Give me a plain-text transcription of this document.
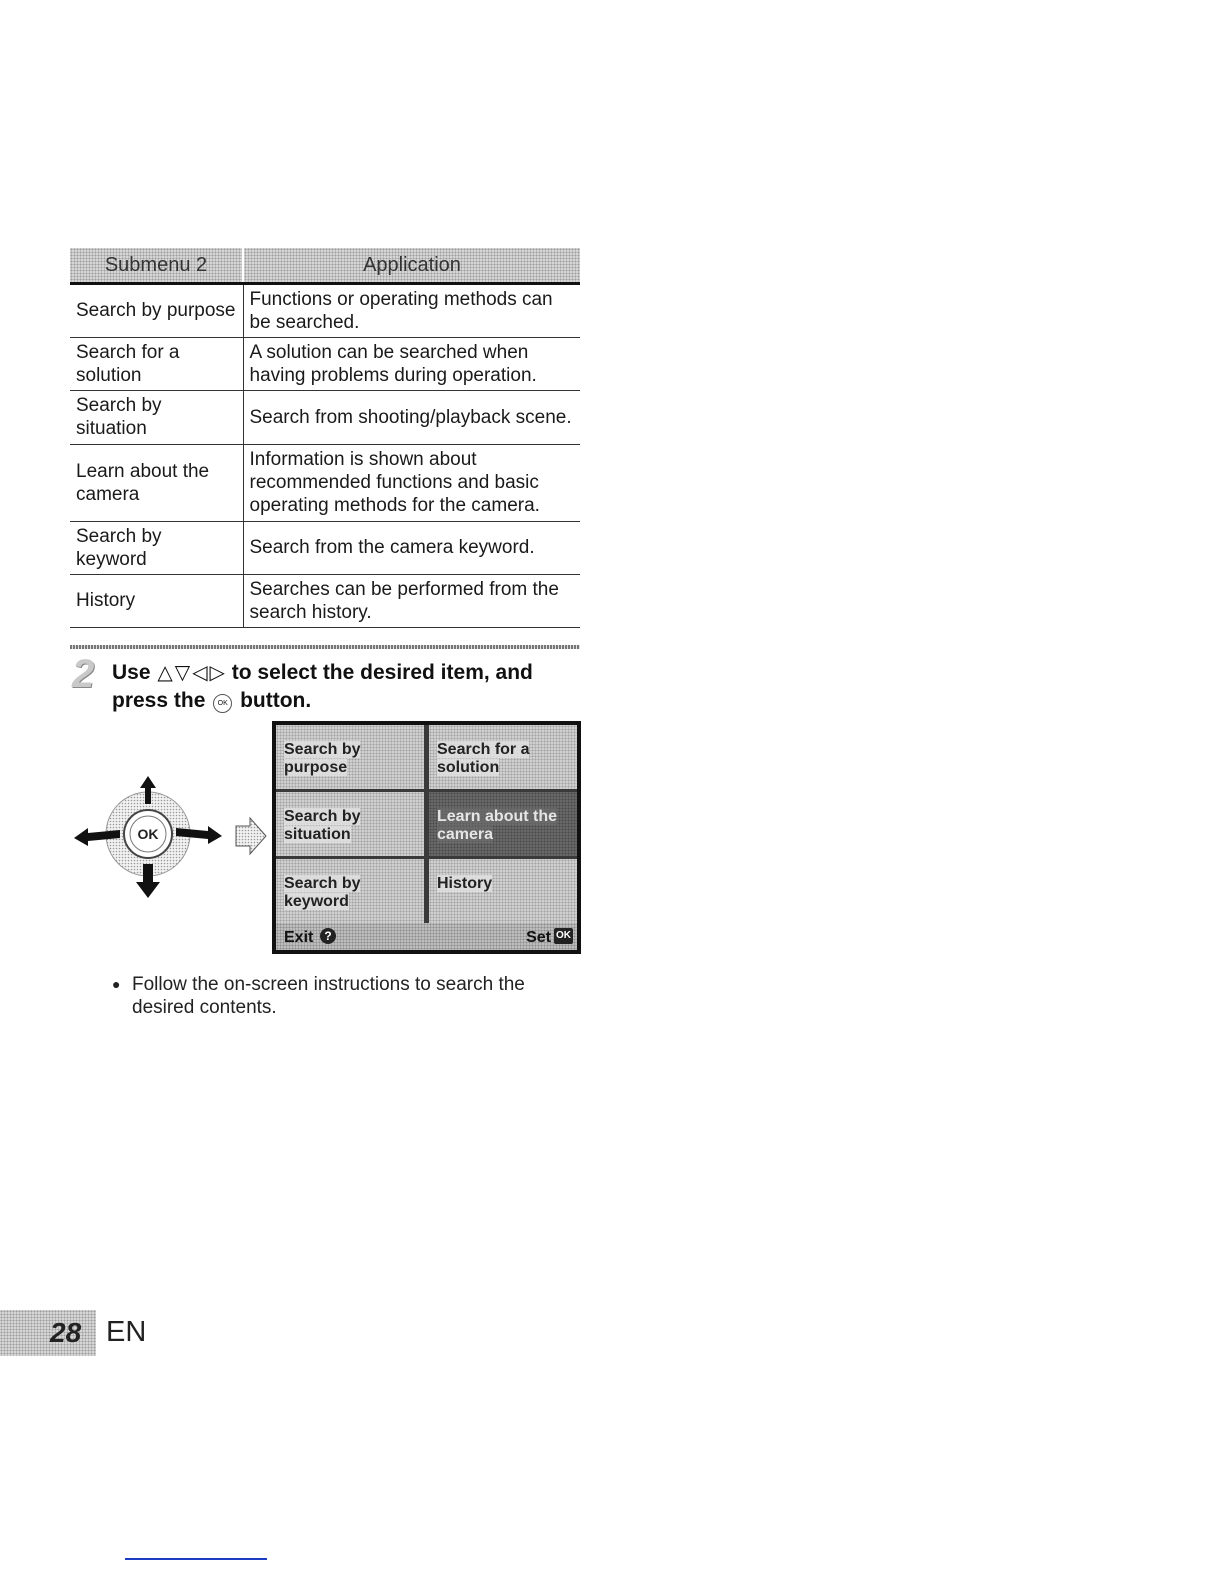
Submenu 2	Application
Search by purpose	Functions or operating methods can be searched.
Search for a solution	A solution can be searched when having problems during operation.
Search by situation	Search from shooting/playback scene.
Learn about the camera	Information is shown about recommended functions and basic operating methods for the camera.
Search by keyword	Search from the camera keyword.
History	Searches can be performed from the search history.
2 Use △ ▽ ◁ ▷ to select the desired item, and press the OK button.
OK
Search by purpose
Search for a solution
Search by situation
Learn about the camera
Search by keyword
History
Exit ?	Set OK
● Follow the on-screen instructions to search the desired contents.
28 EN
